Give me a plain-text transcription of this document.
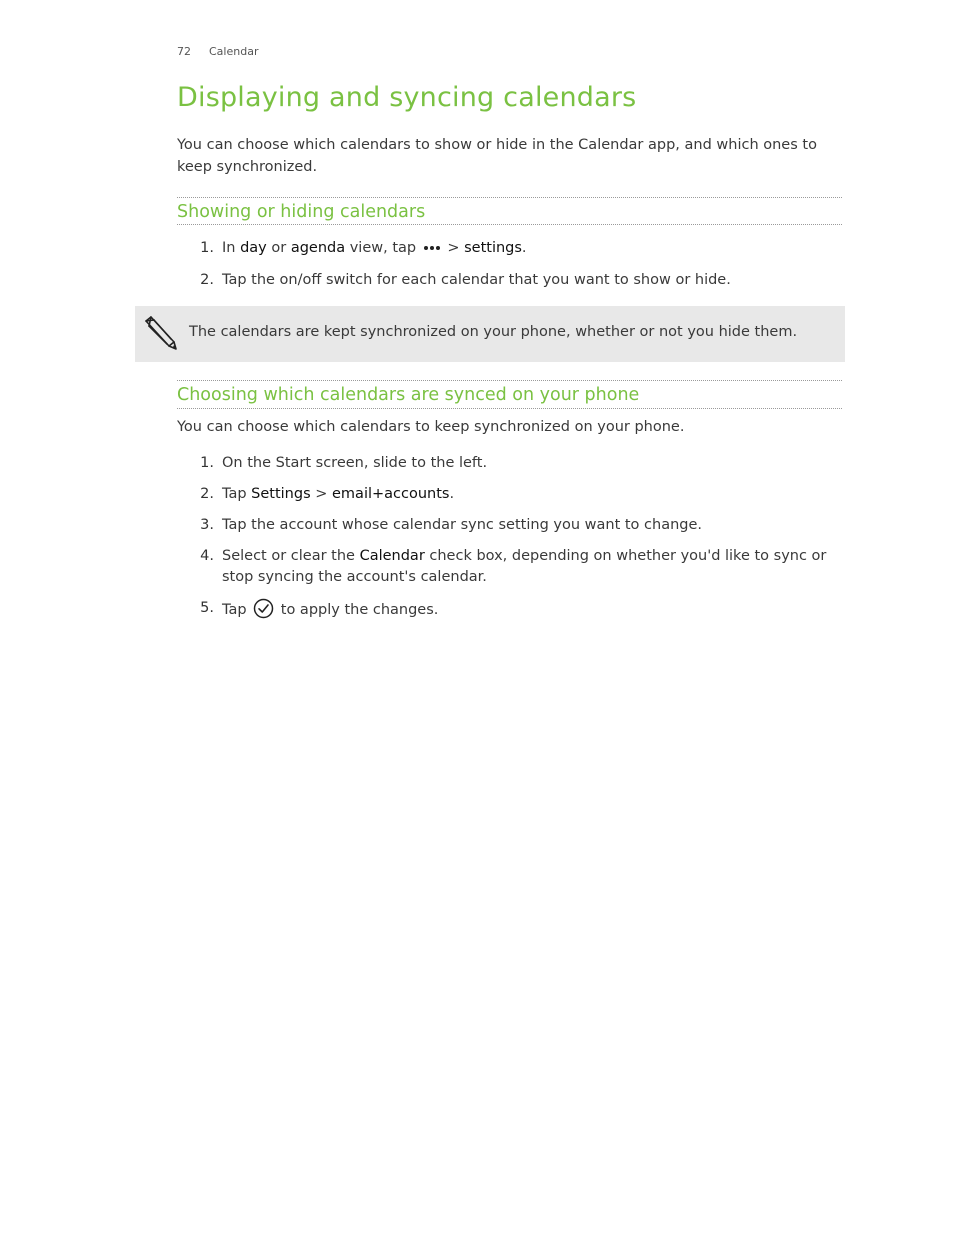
72 Calendar
Displaying and syncing calendars

You can choose which calendars to show or hide in the Calendar app, and which ones to keep synchronized.

Showing or hiding calendars
1. In day or agenda view, tap  > settings.
2. Tap the on/off switch for each calendar that you want to show or hide.
The calendars are kept synchronized on your phone, whether or not you hide them.
Choosing which calendars are synced on your phone

You can choose which calendars to keep synchronized on your phone.

1. On the Start screen, slide to the left.
2. Tap Settings > email+accounts.
3. Tap the account whose calendar sync setting you want to change.
4. Select or clear the Calendar check box, depending on whether you'd like to sync or stop syncing the account's calendar.
5. Tap  to apply the changes.
